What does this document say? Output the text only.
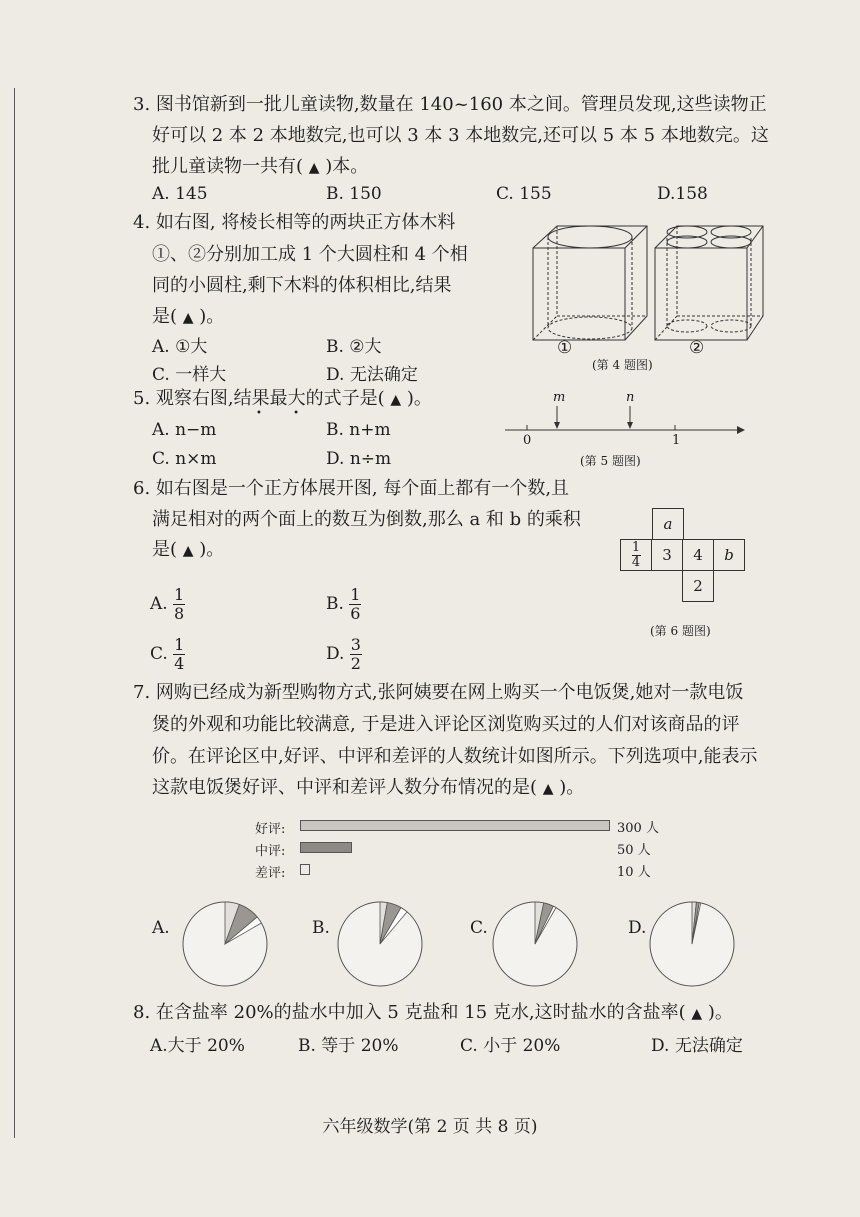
3. 图书馆新到一批儿童读物,数量在 140~160 本之间。管理员发现,这些读物正
好可以 2 本 2 本地数完,也可以 3 本 3 本地数完,还可以 5 本 5 本地数完。这
批儿童读物一共有( ▲ )本。
A. 145	B. 150	C. 155	D.158
4. 如右图, 将棱长相等的两块正方体木料
①、②分别加工成 1 个大圆柱和 4 个相
同的小圆柱,剩下木料的体积相比,结果
是( ▲ )。
A. ①大	B. ②大
C. 一样大	D. 无法确定
①	②
(第 4 题图)
5. 观察右图,结果最大的式子是( ▲ )。
• •
A. n−m	B. n+m
C. n×m	D. n÷m
m	n
0	1
(第 5 题图)
6. 如右图是一个正方体展开图, 每个面上都有一个数,且
满足相对的两个面上的数互为倒数,那么 a 和 b 的乘积
是( ▲ )。
A. $\frac{1}{8}$	B. $\frac{1}{6}$
C. $\frac{1}{4}$	D. $\frac{3}{2}$
a
$\frac{1}{4}$	3	4	b
2
(第 6 题图)
7. 网购已经成为新型购物方式,张阿姨要在网上购买一个电饭煲,她对一款电饭
煲的外观和功能比较满意, 于是进入评论区浏览购买过的人们对该商品的评
价。在评论区中,好评、中评和差评的人数统计如图所示。下列选项中,能表示
这款电饭煲好评、中评和差评人数分布情况的是( ▲ )。
好评:	300 人
中评:	50 人
差评:	10 人
A.	B.	C.	D.
8. 在含盐率 20%的盐水中加入 5 克盐和 15 克水,这时盐水的含盐率( ▲ )。
A.大于 20%	B. 等于 20%	C. 小于 20%	D. 无法确定
六年级数学(第 2 页 共 8 页)
